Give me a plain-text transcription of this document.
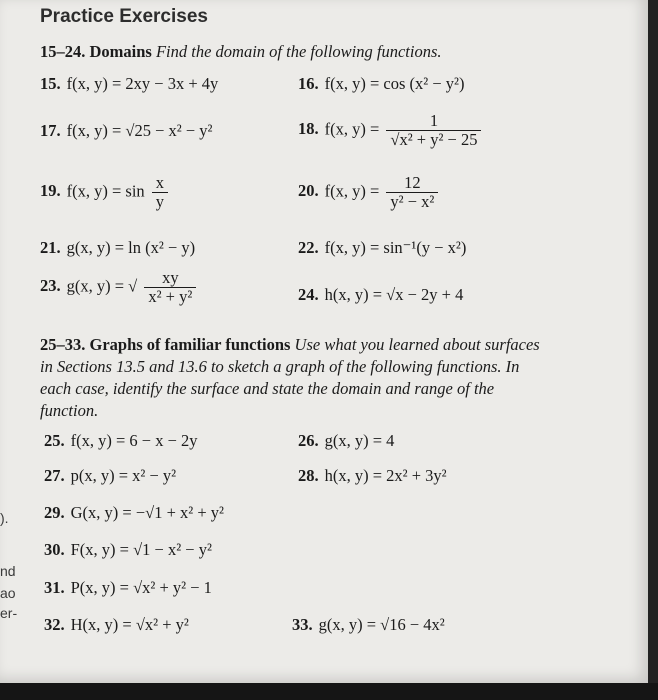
Practice Exercises
15–24. Domains Find the domain of the following functions.
15. f(x, y) = 2xy − 3x + 4y	16. f(x, y) = cos (x² − y²)
17. f(x, y) = √25 − x² − y²	18. f(x, $y) = \frac{1}{\text{√x² + y² − 25}}$
19. f(x, $y) = \sin \frac{x}{y}$	20. f(x, $y) = \frac{12}{\text{y² − x²}}$
21. g(x, y) = ln (x² − y)	22. f(x, y) = sin⁻¹(y − x²)
23. g(x, y) = √ $\frac{xy}{\text{x² + y²}}$	24. h(x, y) = √x − 2y + 4
25–33. Graphs of familiar functions Use what you learned about surfaces in Sections 13.5 and 13.6 to sketch a graph of the following functions. In each case, identify the surface and state the domain and range of the function.
25. f(x, y) = 6 − x − 2y	26. g(x, y) = 4
27. p(x, y) = x² − y²	28. h(x, y) = 2x² + 3y²
29. G(x, y) = −√1 + x² + y²
30. F(x, y) = √1 − x² − y²
31. P(x, y) = √x² + y² − 1
32. H(x, y) = √x² + y²	33. g(x, y) = √16 − 4x²
).
nd
ao
er-
